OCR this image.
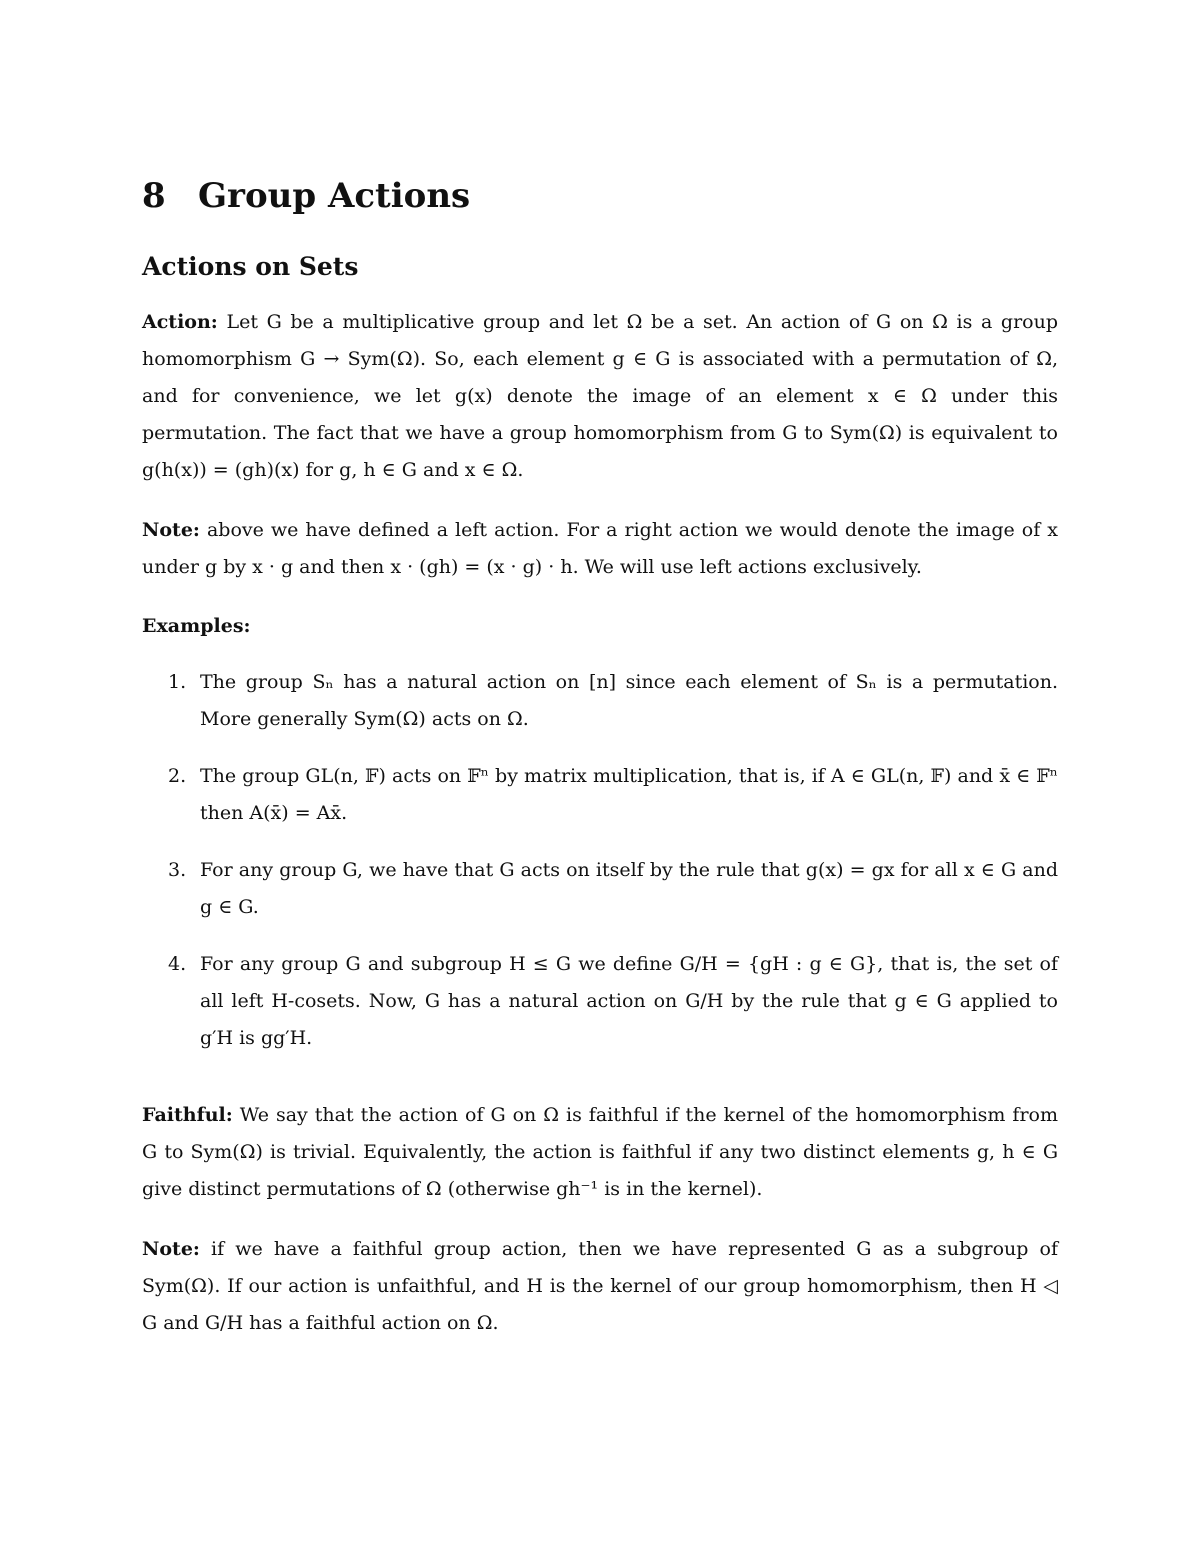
8 Group Actions
Actions on Sets

Action: Let G be a multiplicative group and let Ω be a set. An action of G on Ω is a group homomorphism G → Sym(Ω). So, each element g ∈ G is associated with a permutation of Ω, and for convenience, we let g(x) denote the image of an element x ∈ Ω under this permutation. The fact that we have a group homomorphism from G to Sym(Ω) is equivalent to g(h(x)) = (gh)(x) for g, h ∈ G and x ∈ Ω.

Note: above we have defined a left action. For a right action we would denote the image of x under g by x · g and then x · (gh) = (x · g) · h. We will use left actions exclusively.

Examples:

1. The group Sₙ has a natural action on [n] since each element of Sₙ is a permutation. More generally Sym(Ω) acts on Ω.
2. The group GL(n, 𝔽) acts on 𝔽ⁿ by matrix multiplication, that is, if A ∈ GL(n, 𝔽) and x̄ ∈ 𝔽ⁿ then A(x̄) = Ax̄.
3. For any group G, we have that G acts on itself by the rule that g(x) = gx for all x ∈ G and g ∈ G.
4. For any group G and subgroup H ≤ G we define G/H = {gH : g ∈ G}, that is, the set of all left H-cosets. Now, G has a natural action on G/H by the rule that g ∈ G applied to g′H is gg′H.

Faithful: We say that the action of G on Ω is faithful if the kernel of the homomorphism from G to Sym(Ω) is trivial. Equivalently, the action is faithful if any two distinct elements g, h ∈ G give distinct permutations of Ω (otherwise gh⁻¹ is in the kernel).

Note: if we have a faithful group action, then we have represented G as a subgroup of Sym(Ω). If our action is unfaithful, and H is the kernel of our group homomorphism, then H ◁ G and G/H has a faithful action on Ω.
